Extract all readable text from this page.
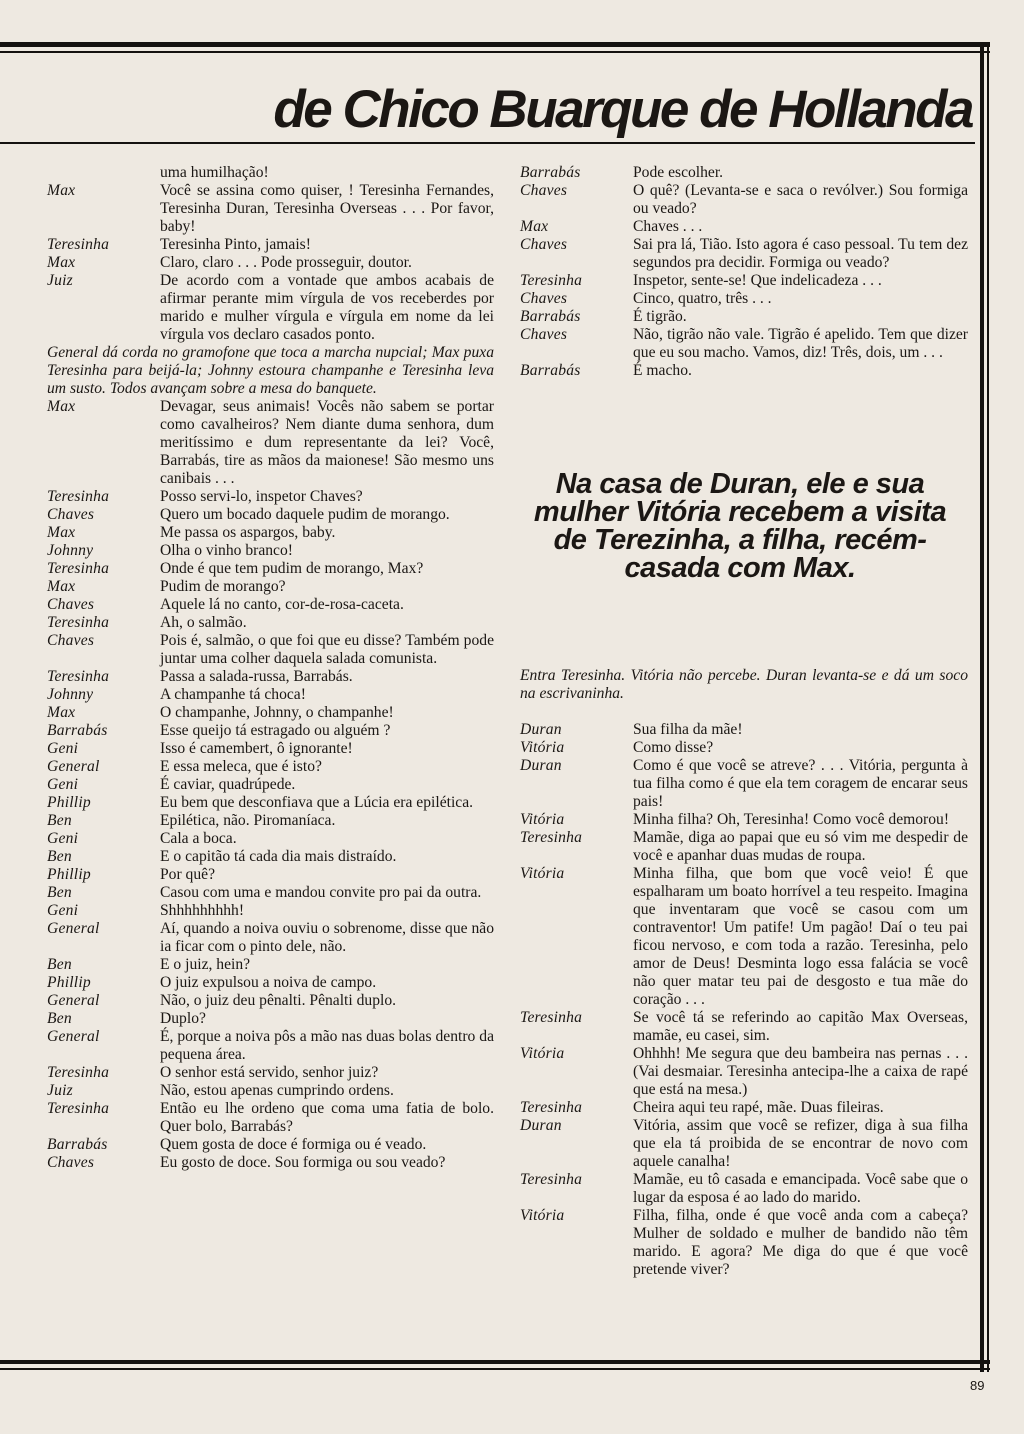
de Chico Buarque de Hollanda
uma humilhação!
Max	Você se assina como quiser, ! Teresinha Fernandes, Teresinha Duran, Teresinha Overseas . . . Por favor, baby!
Teresinha	Teresinha Pinto, jamais!
Max	Claro, claro . . . Pode prosseguir, doutor.
Juiz	De acordo com a vontade que ambos acabais de afirmar perante mim vírgula de vos receberdes por marido e mulher vírgula e vírgula em nome da lei vírgula vos declaro casados ponto.
General dá corda no gramofone que toca a marcha nupcial; Max puxa Teresinha para beijá-la; Johnny estoura champanhe e Teresinha leva um susto. Todos avançam sobre a mesa do banquete.
Max	Devagar, seus animais! Vocês não sabem se portar como cavalheiros? Nem diante duma senhora, dum meritíssimo e dum representante da lei? Você, Barrabás, tire as mãos da maionese! São mesmo uns canibais . . .
Teresinha	Posso servi-lo, inspetor Chaves?
Chaves	Quero um bocado daquele pudim de morango.
Max	Me passa os aspargos, baby.
Johnny	Olha o vinho branco!
Teresinha	Onde é que tem pudim de morango, Max?
Max	Pudim de morango?
Chaves	Aquele lá no canto, cor-de-rosa-caceta.
Teresinha	Ah, o salmão.
Chaves	Pois é, salmão, o que foi que eu disse? Também pode juntar uma colher daquela salada comunista.
Teresinha	Passa a salada-russa, Barrabás.
Johnny	A champanhe tá choca!
Max	O champanhe, Johnny, o champanhe!
Barrabás	Esse queijo tá estragado ou alguém ?
Geni	Isso é camembert, ô ignorante!
General	E essa meleca, que é isto?
Geni	É caviar, quadrúpede.
Phillip	Eu bem que desconfiava que a Lúcia era epilética.
Ben	Epilética, não. Piromaníaca.
Geni	Cala a boca.
Ben	E o capitão tá cada dia mais distraído.
Phillip	Por quê?
Ben	Casou com uma e mandou convite pro pai da outra.
Geni	Shhhhhhhhh!
General	Aí, quando a noiva ouviu o sobrenome, disse que não ia ficar com o pinto dele, não.
Ben	E o juiz, hein?
Phillip	O juiz expulsou a noiva de campo.
General	Não, o juiz deu pênalti. Pênalti duplo.
Ben	Duplo?
General	É, porque a noiva pôs a mão nas duas bolas dentro da pequena área.
Teresinha	O senhor está servido, senhor juiz?
Juiz	Não, estou apenas cumprindo ordens.
Teresinha	Então eu lhe ordeno que coma uma fatia de bolo. Quer bolo, Barrabás?
Barrabás	Quem gosta de doce é formiga ou é veado.
Chaves	Eu gosto de doce. Sou formiga ou sou veado?
Barrabás	Pode escolher.
Chaves	O quê? (Levanta-se e saca o revólver.) Sou formiga ou veado?
Max	Chaves . . .
Chaves	Sai pra lá, Tião. Isto agora é caso pessoal. Tu tem dez segundos pra decidir. Formiga ou veado?
Teresinha	Inspetor, sente-se! Que indelicadeza . . .
Chaves	Cinco, quatro, três . . .
Barrabás	É tigrão.
Chaves	Não, tigrão não vale. Tigrão é apelido. Tem que dizer que eu sou macho. Vamos, diz! Três, dois, um . . .
Barrabás	É macho.
Na casa de Duran, ele e sua mulher Vitória recebem a visita de Terezinha, a filha, recém-casada com Max.
Entra Teresinha. Vitória não percebe. Duran levanta-se e dá um soco na escrivaninha.
Duran	Sua filha da mãe!
Vitória	Como disse?
Duran	Como é que você se atreve? . . . Vitória, pergunta à tua filha como é que ela tem coragem de encarar seus pais!
Vitória	Minha filha? Oh, Teresinha! Como você demorou!
Teresinha	Mamãe, diga ao papai que eu só vim me despedir de você e apanhar duas mudas de roupa.
Vitória	Minha filha, que bom que você veio! É que espalharam um boato horrível a teu respeito. Imagina que inventaram que você se casou com um contraventor! Um patife! Um pagão! Daí o teu pai ficou nervoso, e com toda a razão. Teresinha, pelo amor de Deus! Desminta logo essa falácia se você não quer matar teu pai de desgosto e tua mãe do coração . . .
Teresinha	Se você tá se referindo ao capitão Max Overseas, mamãe, eu casei, sim.
Vitória	Ohhhh! Me segura que deu bambeira nas pernas . . . (Vai desmaiar. Teresinha antecipa-lhe a caixa de rapé que está na mesa.)
Teresinha	Cheira aqui teu rapé, mãe. Duas fileiras.
Duran	Vitória, assim que você se refizer, diga à sua filha que ela tá proibida de se encontrar de novo com aquele canalha!
Teresinha	Mamãe, eu tô casada e emancipada. Você sabe que o lugar da esposa é ao lado do marido.
Vitória	Filha, filha, onde é que você anda com a cabeça? Mulher de soldado e mulher de bandido não têm marido. E agora? Me diga do que é que você pretende viver?
89
